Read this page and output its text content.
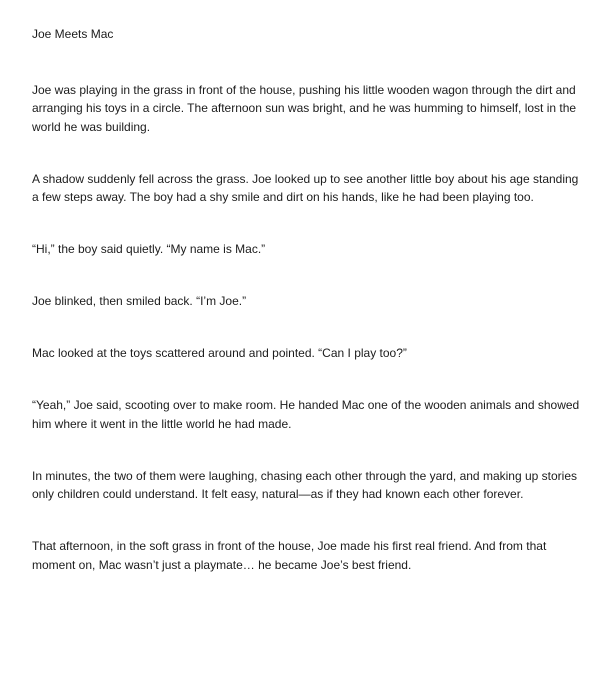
Joe Meets Mac

Joe was playing in the grass in front of the house, pushing his little wooden wagon through the dirt and arranging his toys in a circle. The afternoon sun was bright, and he was humming to himself, lost in the world he was building.

A shadow suddenly fell across the grass. Joe looked up to see another little boy about his age standing a few steps away. The boy had a shy smile and dirt on his hands, like he had been playing too.

“Hi,” the boy said quietly. “My name is Mac.”

Joe blinked, then smiled back. “I’m Joe.”

Mac looked at the toys scattered around and pointed. “Can I play too?”

“Yeah,” Joe said, scooting over to make room. He handed Mac one of the wooden animals and showed him where it went in the little world he had made.

In minutes, the two of them were laughing, chasing each other through the yard, and making up stories only children could understand. It felt easy, natural—as if they had known each other forever.

That afternoon, in the soft grass in front of the house, Joe made his first real friend. And from that moment on, Mac wasn’t just a playmate… he became Joe’s best friend.
